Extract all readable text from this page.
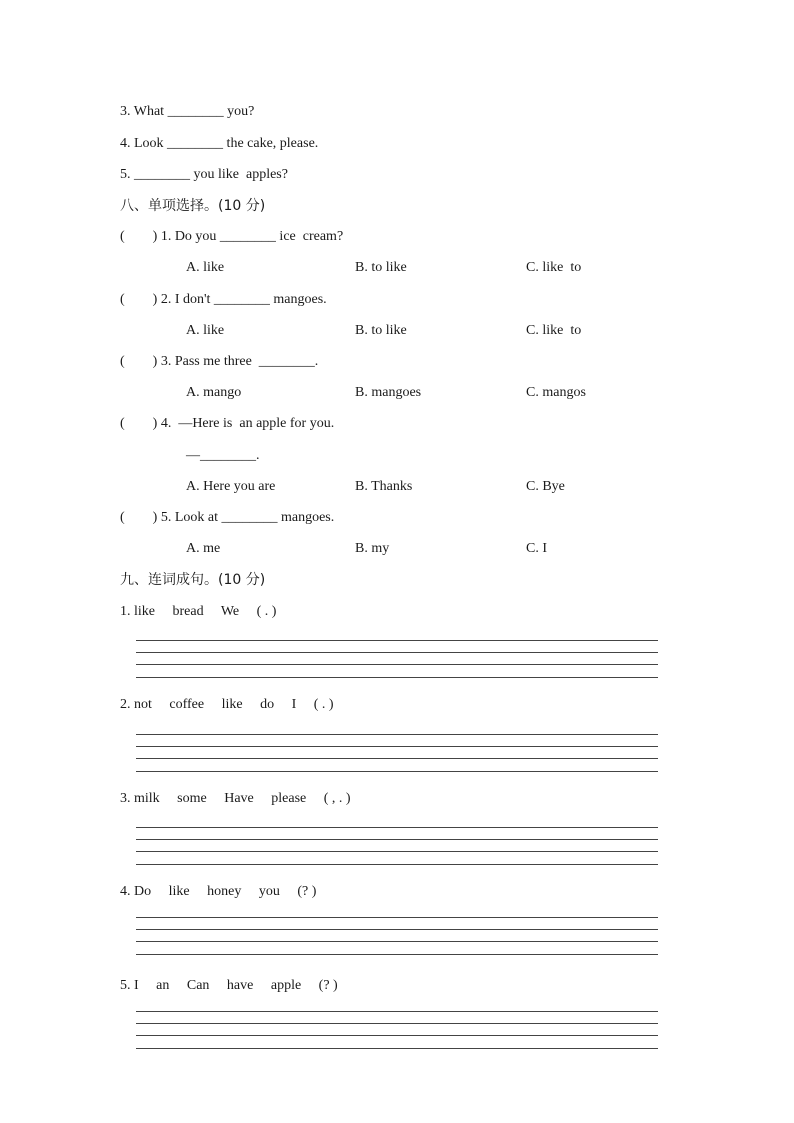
3. What ________ you?
4. Look ________ the cake, please.
5. ________ you like  apples?
八、单项选择。(10 分)
(        ) 1. Do you ________ ice  cream?
A. like	B. to like	C. like  to
(        ) 2. I don't ________ mangoes.
A. like	B. to like	C. like  to
(        ) 3. Pass me three  ________.
A. mango	B. mangoes	C. mangos
(        ) 4.  —Here is  an apple for you.
—________.
A. Here you are	B. Thanks	C. Bye
(        ) 5. Look at ________ mangoes.
A. me	B. my	C. I
九、连词成句。(10 分)
1. like     bread     We     ( . )
2. not     coffee     like     do     I     ( . )
3. milk     some     Have     please     ( , . )
4. Do     like     honey     you     (? )
5. I     an     Can     have     apple     (? )
